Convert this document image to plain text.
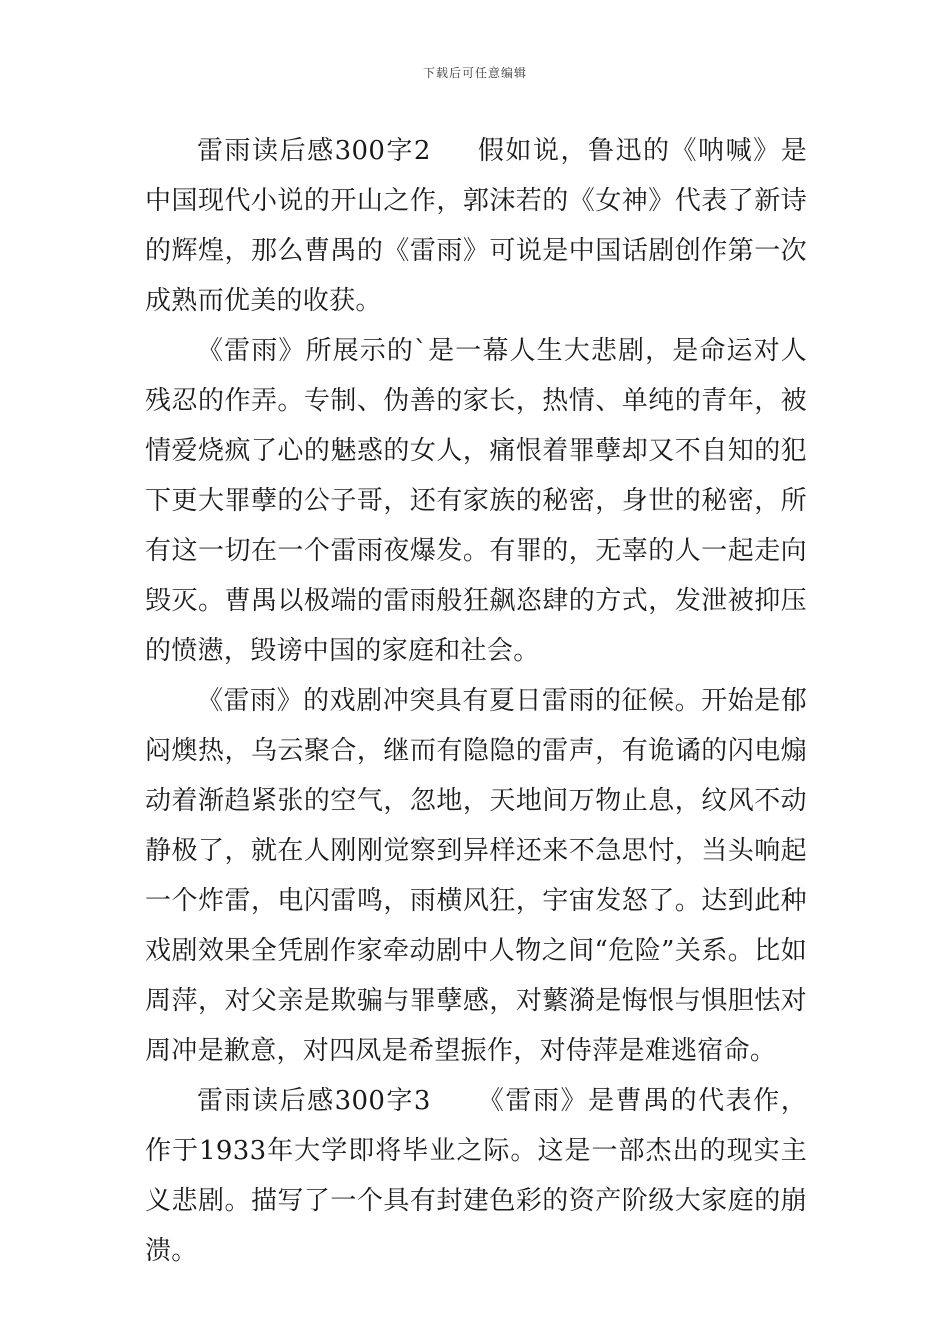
下载后可任意编辑

雷雨读后感300字2 　 假如说，鲁迅的《呐喊》是中国现代小说的开山之作，郭沫若的《女神》代表了新诗的辉煌，那么曹禺的《雷雨》可说是中国话剧创作第一次成熟而优美的收获。

《雷雨》所展示的`是一幕人生大悲剧，是命运对人残忍的作弄。专制、伪善的家长，热情、单纯的青年，被情爱烧疯了心的魅惑的女人，痛恨着罪孽却又不自知的犯下更大罪孽的公子哥，还有家族的秘密，身世的秘密，所有这一切在一个雷雨夜爆发。有罪的，无辜的人一起走向毁灭。曹禺以极端的雷雨般狂飙恣肆的方式，发泄被抑压的愤懑，毁谤中国的家庭和社会。

《雷雨》的戏剧冲突具有夏日雷雨的征候。开始是郁闷燠热，乌云聚合，继而有隐隐的雷声，有诡谲的闪电煽动着渐趋紧张的空气，忽地，天地间万物止息，纹风不动静极了，就在人刚刚觉察到异样还来不急思忖，当头响起一个炸雷，电闪雷鸣，雨横风狂，宇宙发怒了。达到此种戏剧效果全凭剧作家牵动剧中人物之间“危险”关系。比如周萍，对父亲是欺骗与罪孽感，对蘩漪是悔恨与惧胆怯对周冲是歉意，对四凤是希望振作，对侍萍是难逃宿命。

雷雨读后感300字3 　 《雷雨》是曹禺的代表作，作于1933年大学即将毕业之际。这是一部杰出的现实主义悲剧。描写了一个具有封建色彩的资产阶级大家庭的崩溃。
